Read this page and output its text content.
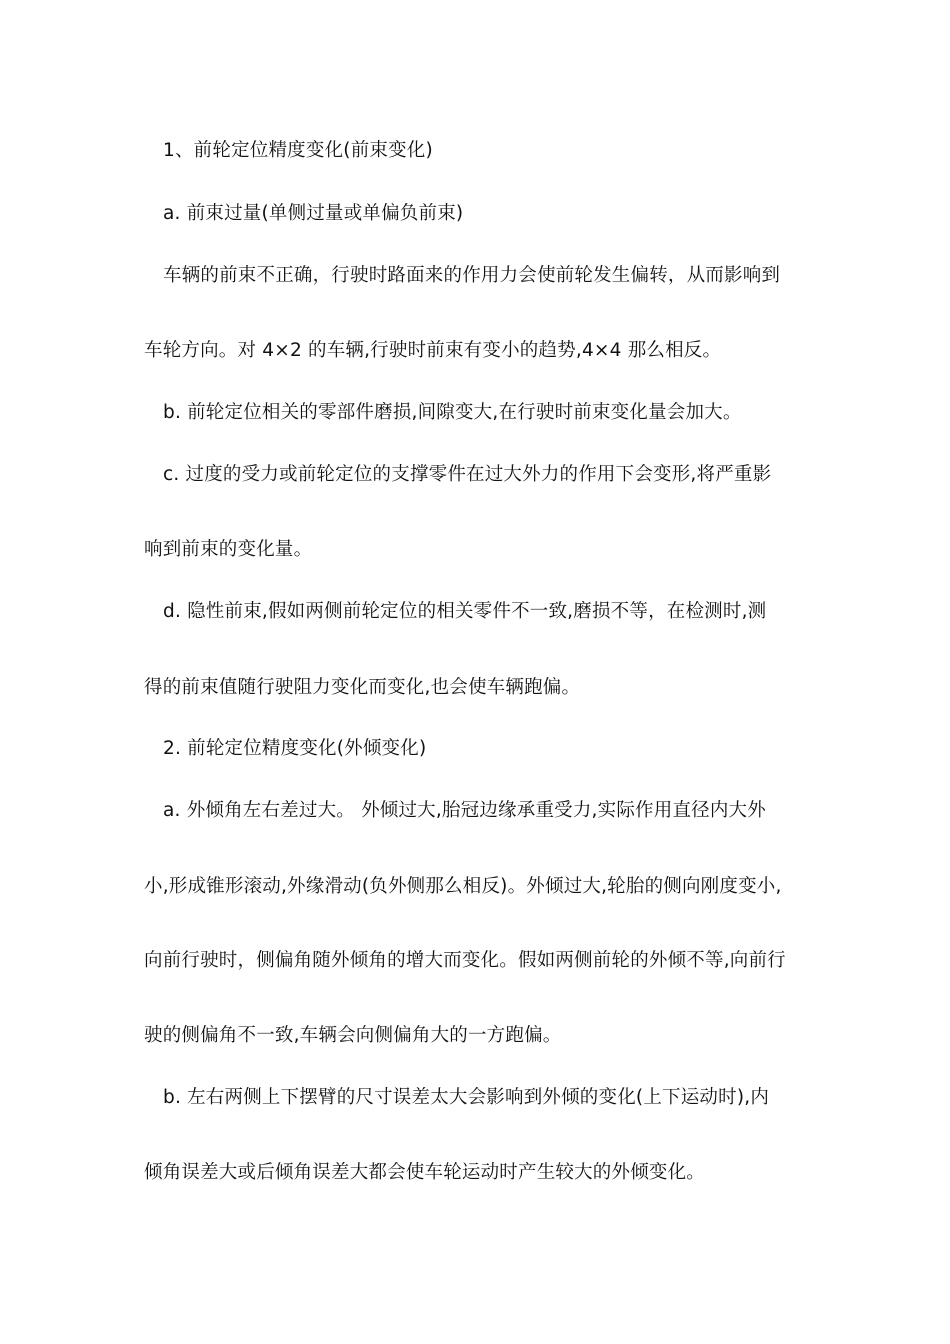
1、前轮定位精度变化(前束变化)
a. 前束过量(单侧过量或单偏负前束)
车辆的前束不正确，行驶时路面来的作用力会使前轮发生偏转，从而影响到
车轮方向。对 4×2 的车辆,行驶时前束有变小的趋势,4×4 那么相反。
b. 前轮定位相关的零部件磨损,间隙变大,在行驶时前束变化量会加大。
c. 过度的受力或前轮定位的支撑零件在过大外力的作用下会变形,将严重影
响到前束的变化量。
d. 隐性前束,假如两侧前轮定位的相关零件不一致,磨损不等，在检测时,测
得的前束值随行驶阻力变化而变化,也会使车辆跑偏。
2. 前轮定位精度变化(外倾变化)
a. 外倾角左右差过大。 外倾过大,胎冠边缘承重受力,实际作用直径内大外
小,形成锥形滚动,外缘滑动(负外侧那么相反)。外倾过大,轮胎的侧向刚度变小,
向前行驶时，侧偏角随外倾角的增大而变化。假如两侧前轮的外倾不等,向前行
驶的侧偏角不一致,车辆会向侧偏角大的一方跑偏。
b. 左右两侧上下摆臂的尺寸误差太大会影响到外倾的变化(上下运动时),内
倾角误差大或后倾角误差大都会使车轮运动时产生较大的外倾变化。
